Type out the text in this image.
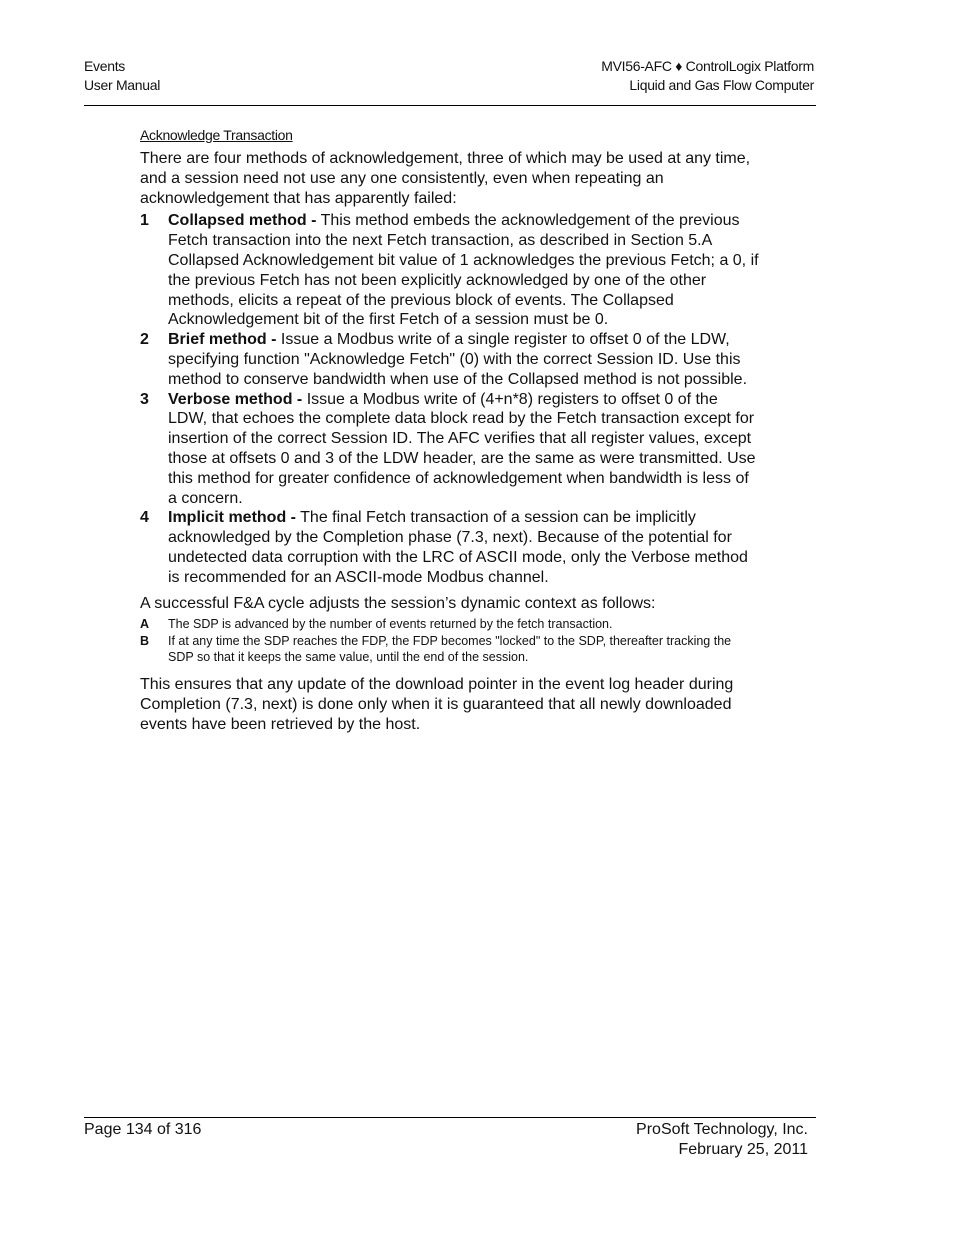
Events
User Manual
MVI56-AFC ♦ ControlLogix Platform
Liquid and Gas Flow Computer
Acknowledge Transaction

There are four methods of acknowledgement, three of which may be used at any time, and a session need not use any one consistently, even when repeating an acknowledgement that has apparently failed:

1 Collapsed method - This method embeds the acknowledgement of the previous Fetch transaction into the next Fetch transaction, as described in Section 5.A Collapsed Acknowledgement bit value of 1 acknowledges the previous Fetch; a 0, if the previous Fetch has not been explicitly acknowledged by one of the other methods, elicits a repeat of the previous block of events. The Collapsed Acknowledgement bit of the first Fetch of a session must be 0.
2 Brief method - Issue a Modbus write of a single register to offset 0 of the LDW, specifying function "Acknowledge Fetch" (0) with the correct Session ID. Use this method to conserve bandwidth when use of the Collapsed method is not possible.
3 Verbose method - Issue a Modbus write of (4+n*8) registers to offset 0 of the LDW, that echoes the complete data block read by the Fetch transaction except for insertion of the correct Session ID. The AFC verifies that all register values, except those at offsets 0 and 3 of the LDW header, are the same as were transmitted. Use this method for greater confidence of acknowledgement when bandwidth is less of a concern.
4 Implicit method - The final Fetch transaction of a session can be implicitly acknowledged by the Completion phase (7.3, next). Because of the potential for undetected data corruption with the LRC of ASCII mode, only the Verbose method is recommended for an ASCII-mode Modbus channel.

A successful F&A cycle adjusts the session’s dynamic context as follows:

A The SDP is advanced by the number of events returned by the fetch transaction.
B If at any time the SDP reaches the FDP, the FDP becomes "locked" to the SDP, thereafter tracking the SDP so that it keeps the same value, until the end of the session.

This ensures that any update of the download pointer in the event log header during Completion (7.3, next) is done only when it is guaranteed that all newly downloaded events have been retrieved by the host.

Page 134 of 316	ProSoft Technology, Inc.
February 25, 2011
